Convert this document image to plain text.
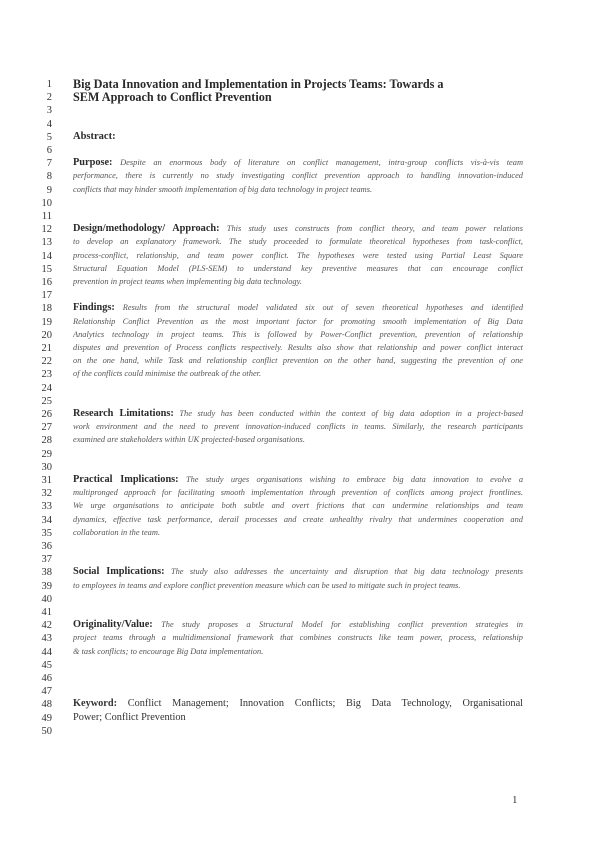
1
2
3
4
5
6
7
8
9
10
11
12
13
14
15
16
17
18
19
20
21
22
23
24
25
26
27
28
29
30
31
32
33
34
35
36
37
38
39
40
41
42
43
44
45
46
47
48
49
50
Big Data Innovation and Implementation in Projects Teams: Towards a
SEM Approach to Conflict Prevention
Abstract:
Purpose: Despite an enormous body of literature on conflict management, intra-group conflicts vis-à-vis team
performance, there is currently no study investigating conflict prevention approach to handling innovation-induced
conflicts that may hinder smooth implementation of big data technology in project teams.
Design/methodology/ Approach: This study uses constructs from conflict theory, and team power relations
to develop an explanatory framework. The study proceeded to formulate theoretical hypotheses from task-conflict,
process-conflict, relationship, and team power conflict. The hypotheses were tested using Partial Least Square
Structural Equation Model (PLS-SEM) to understand key preventive measures that can encourage conflict
prevention in project teams when implementing big data technology.
Findings: Results from the structural model validated six out of seven theoretical hypotheses and identified
Relationship Conflict Prevention as the most important factor for promoting smooth implementation of Big Data
Analytics technology in project teams. This is followed by Power-Conflict prevention, prevention of relationship
disputes and prevention of Process conflicts respectively. Results also show that relationship and power conflict interact
on the one hand, while Task and relationship conflict prevention on the other hand, suggesting the prevention of one
of the conflicts could minimise the outbreak of the other.
Research Limitations: The study has been conducted within the context of big data adoption in a project-based
work environment and the need to prevent innovation-induced conflicts in teams. Similarly, the research participants
examined are stakeholders within UK projected-based organisations.
Practical Implications: The study urges organisations wishing to embrace big data innovation to evolve a
multipronged approach for facilitating smooth implementation through prevention of conflicts among project frontlines.
We urge organisations to anticipate both subtle and overt frictions that can undermine relationships and team
dynamics, effective task performance, derail processes and create unhealthy rivalry that undermines cooperation and
collaboration in the team.
Social Implications: The study also addresses the uncertainty and disruption that big data technology presents
to employees in teams and explore conflict prevention measure which can be used to mitigate such in project teams.
Originality/Value: The study proposes a Structural Model for establishing conflict prevention strategies in
project teams through a multidimensional framework that combines constructs like team power, process, relationship
& task conflicts; to encourage Big Data implementation.
Keyword: Conflict Management; Innovation Conflicts; Big Data Technology, Organisational
Power; Conflict Prevention
1
